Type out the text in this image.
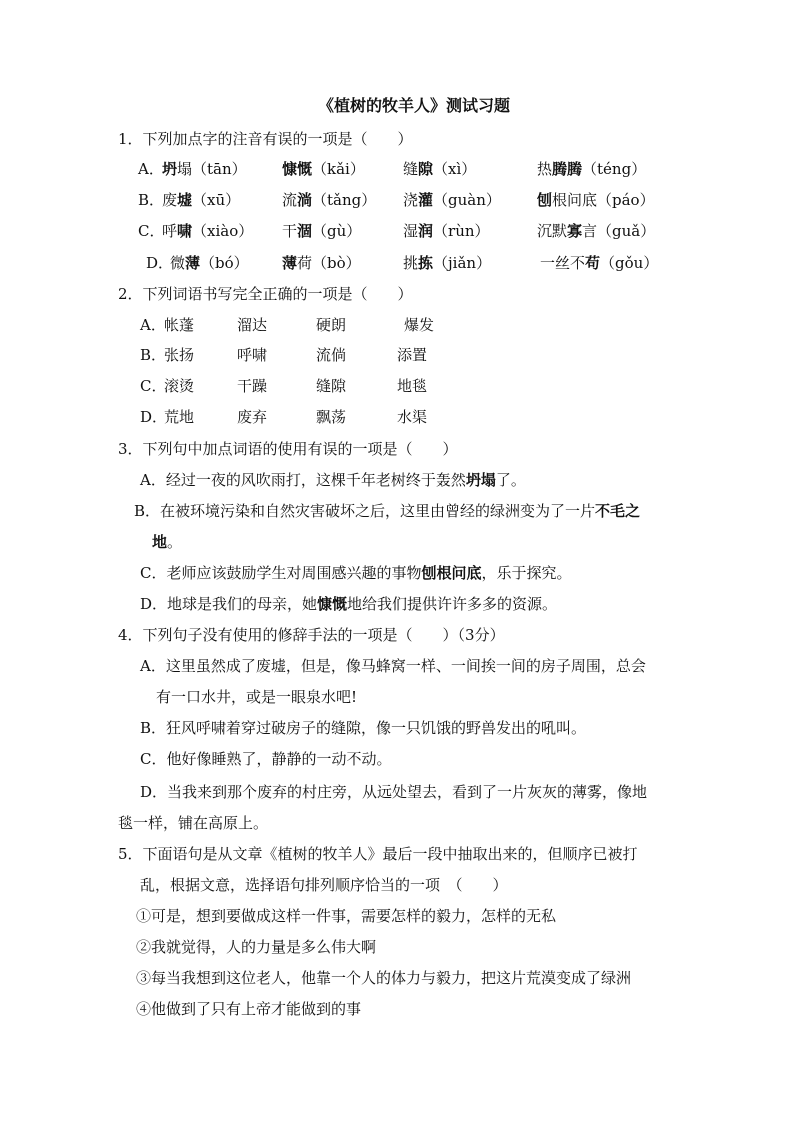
《植树的牧羊人》测试习题
1．下列加点字的注音有误的一项是（　　）
A．
坍塌（tān） 慷慨（kǎi）	缝隙（xì）	热腾腾（téng）
B．
废墟（xū）	流淌（tǎng） 浇灌（guàn） 刨根问底（páo）
C．
呼啸（xiào） 干涸（gù）	湿润（rùn）	沉默寡言（guǎ）
D．
微薄（bó） 薄荷（bò）	挑拣（jiǎn）	一丝不苟（gǒu）
2．下列词语书写完全正确的一项是（　　）
A．
帐蓬	溜达	硬朗	爆发
B．
张扬	呼啸	流倘	添置
C．
滚烫	干躁	缝隙	地毯
D．
荒地	废弃	飘荡	水渠
3．下列句中加点词语的使用有误的一项是（　　）
A．经过一夜的风吹雨打，这棵千年老树终于轰然坍塌了。
B．在被环境污染和自然灾害破坏之后，这里由曾经的绿洲变为了一片不毛之
地。
C．老师应该鼓励学生对周围感兴趣的事物刨根问底，乐于探究。
D．地球是我们的母亲，她慷慨地给我们提供许许多多的资源。
4．下列句子没有使用的修辞手法的一项是（　　）（3分）
A．这里虽然成了废墟，但是，像马蜂窝一样、一间挨一间的房子周围，总会
有一口水井，或是一眼泉水吧!
B．狂风呼啸着穿过破房子的缝隙，像一只饥饿的野兽发出的吼叫。
C．他好像睡熟了，静静的一动不动。
D．当我来到那个废弃的村庄旁，从远处望去，看到了一片灰灰的薄雾，像地
毯一样，铺在高原上。
5．下面语句是从文章《植树的牧羊人》最后一段中抽取出来的，但顺序已被打
乱，根据文意，选择语句排列顺序恰当的一项　（　　）
①可是，想到要做成这样一件事，需要怎样的毅力，怎样的无私
②我就觉得，人的力量是多么伟大啊
③每当我想到这位老人，他靠一个人的体力与毅力，把这片荒漠变成了绿洲
④他做到了只有上帝才能做到的事
